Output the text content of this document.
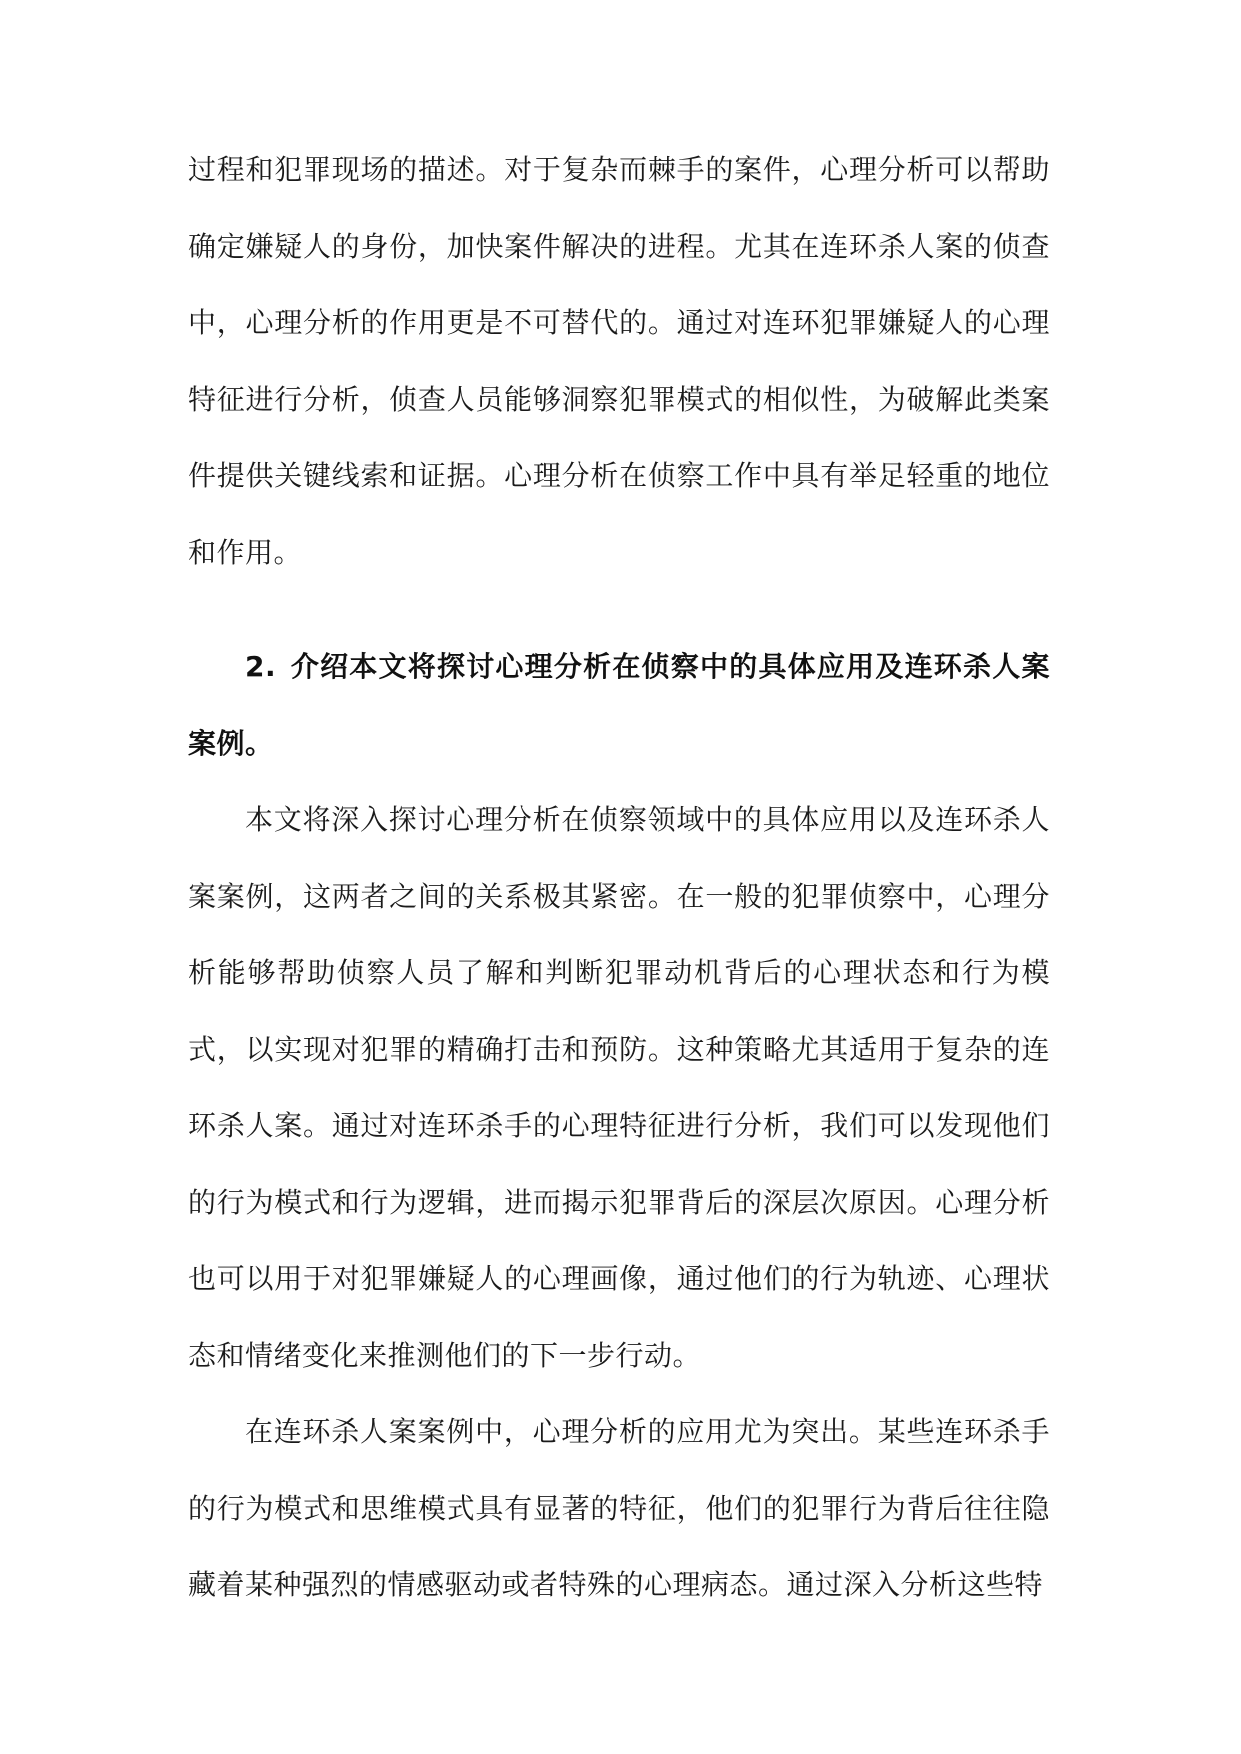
过程和犯罪现场的描述。对于复杂而棘手的案件，心理分析可以帮助确定嫌疑人的身份，加快案件解决的进程。尤其在连环杀人案的侦查中，心理分析的作用更是不可替代的。通过对连环犯罪嫌疑人的心理特征进行分析，侦查人员能够洞察犯罪模式的相似性，为破解此类案件提供关键线索和证据。心理分析在侦察工作中具有举足轻重的地位和作用。

2. 介绍本文将探讨心理分析在侦察中的具体应用及连环杀人案案例。

本文将深入探讨心理分析在侦察领域中的具体应用以及连环杀人案案例，这两者之间的关系极其紧密。在一般的犯罪侦察中，心理分析能够帮助侦察人员了解和判断犯罪动机背后的心理状态和行为模式，以实现对犯罪的精确打击和预防。这种策略尤其适用于复杂的连环杀人案。通过对连环杀手的心理特征进行分析，我们可以发现他们的行为模式和行为逻辑，进而揭示犯罪背后的深层次原因。心理分析也可以用于对犯罪嫌疑人的心理画像，通过他们的行为轨迹、心理状态和情绪变化来推测他们的下一步行动。

在连环杀人案案例中，心理分析的应用尤为突出。某些连环杀手的行为模式和思维模式具有显著的特征，他们的犯罪行为背后往往隐藏着某种强烈的情感驱动或者特殊的心理病态。通过深入分析这些特
